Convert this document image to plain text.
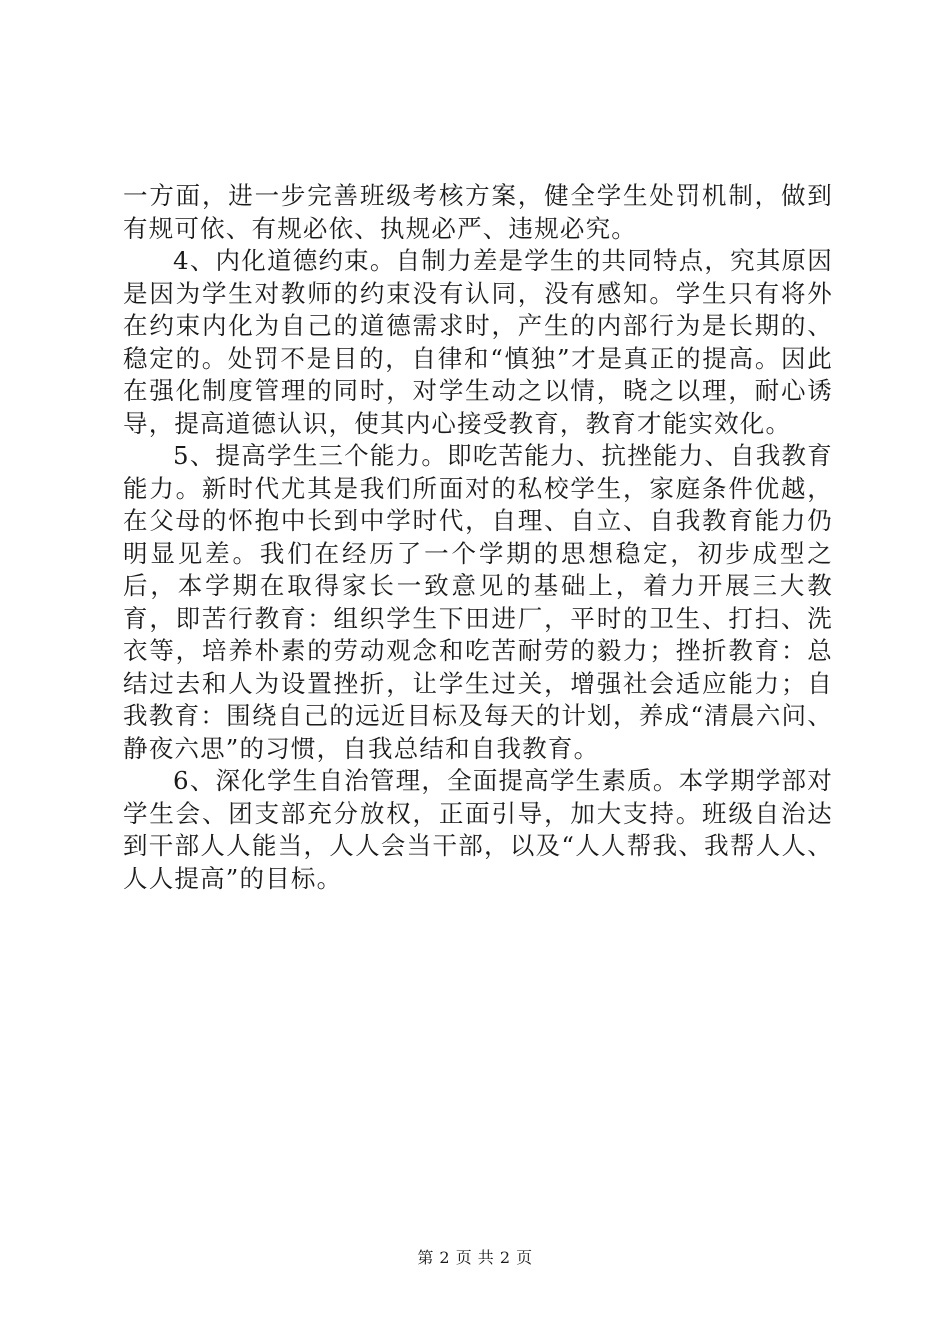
一方面，进一步完善班级考核方案，健全学生处罚机制，做到有规可依、有规必依、执规必严、违规必究。

4、内化道德约束。自制力差是学生的共同特点，究其原因是因为学生对教师的约束没有认同，没有感知。学生只有将外在约束内化为自己的道德需求时，产生的内部行为是长期的、稳定的。处罚不是目的，自律和“慎独”才是真正的提高。因此在强化制度管理的同时，对学生动之以情，晓之以理，耐心诱导，提高道德认识，使其内心接受教育，教育才能实效化。

5、提高学生三个能力。即吃苦能力、抗挫能力、自我教育能力。新时代尤其是我们所面对的私校学生，家庭条件优越，在父母的怀抱中长到中学时代，自理、自立、自我教育能力仍明显见差。我们在经历了一个学期的思想稳定，初步成型之后，本学期在取得家长一致意见的基础上，着力开展三大教育，即苦行教育：组织学生下田进厂，平时的卫生、打扫、洗衣等，培养朴素的劳动观念和吃苦耐劳的毅力；挫折教育：总结过去和人为设置挫折，让学生过关，增强社会适应能力；自我教育：围绕自己的远近目标及每天的计划，养成“清晨六问、静夜六思”的习惯，自我总结和自我教育。

6、深化学生自治管理，全面提高学生素质。本学期学部对学生会、团支部充分放权，正面引导，加大支持。班级自治达到干部人人能当，人人会当干部，以及“人人帮我、我帮人人、人人提高”的目标。

第 2 页 共 2 页
